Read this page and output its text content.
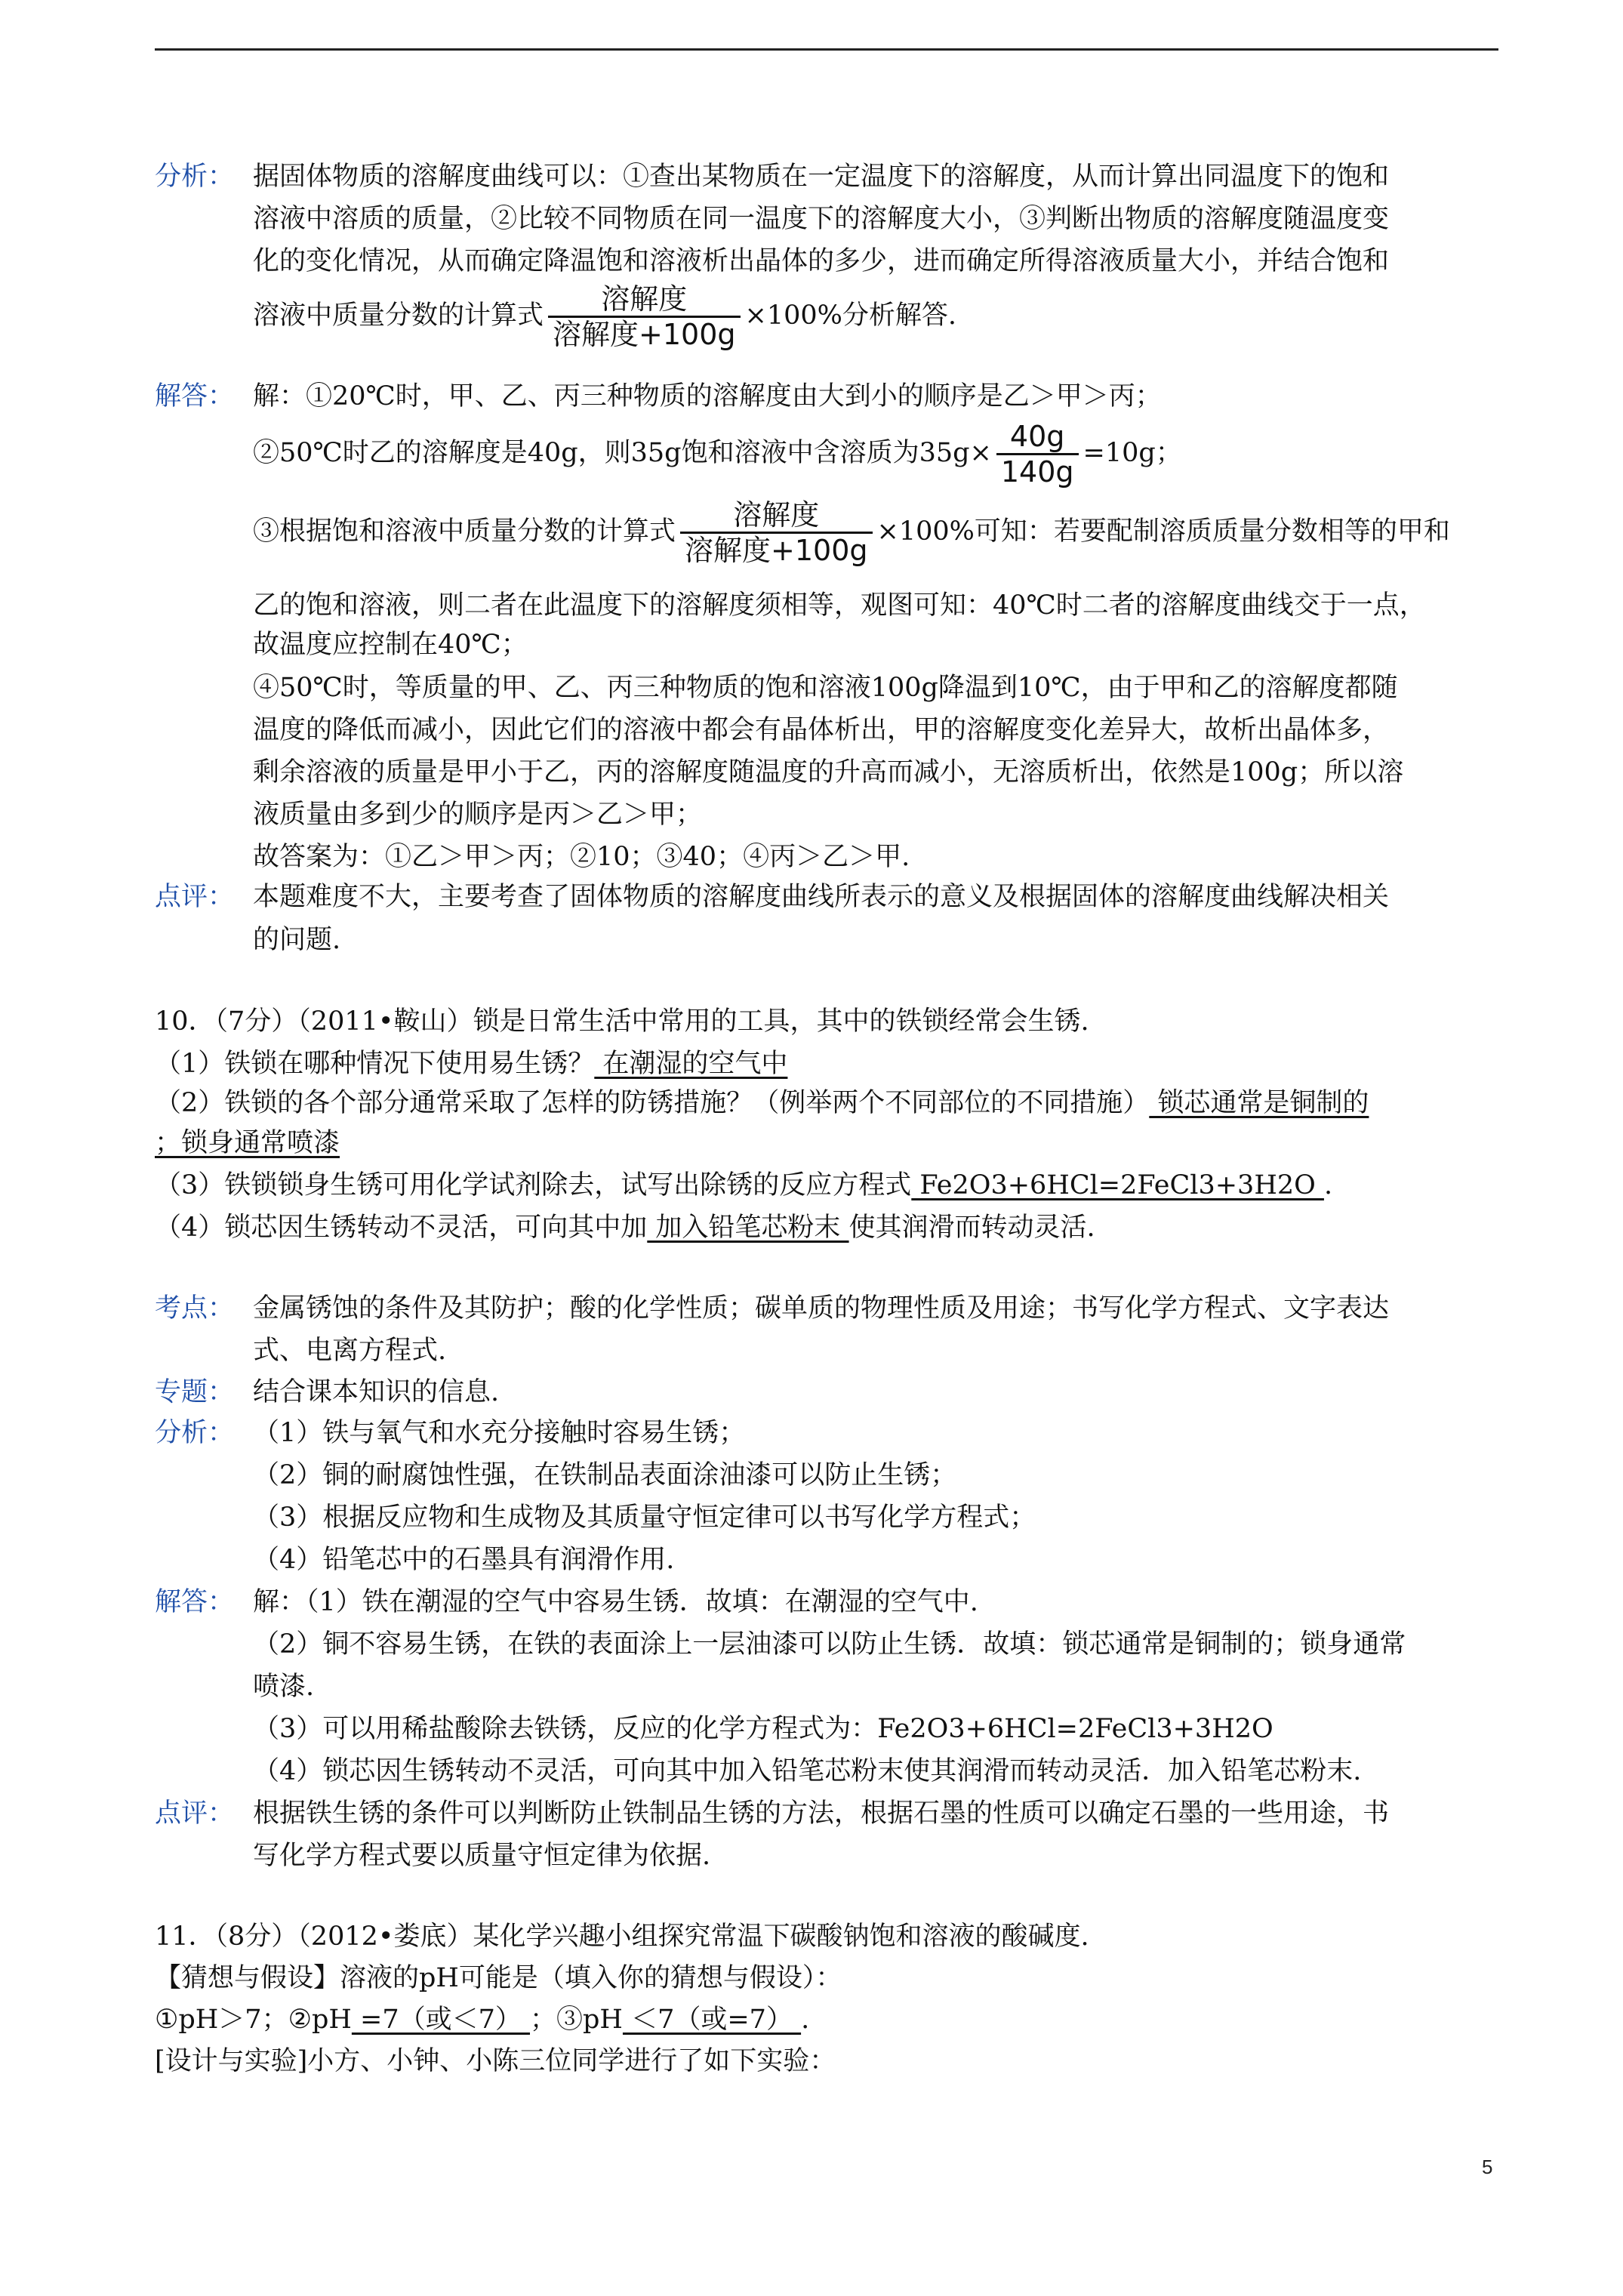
分析： 据固体物质的溶解度曲线可以：①查出某物质在一定温度下的溶解度，从而计算出同温度下的饱和
溶液中溶质的质量，②比较不同物质在同一温度下的溶解度大小，③判断出物质的溶解度随温度变
化的变化情况，从而确定降温饱和溶液析出晶体的多少，进而确定所得溶液质量大小，并结合饱和
溶液中质量分数的计算式 $\frac{\text{溶解度}}{\text{溶解度+100g}} \times 100\%$分析解答.
解答： 解：①20℃时，甲、乙、丙三种物质的溶解度由大到小的顺序是乙＞甲＞丙；
②50℃时乙的溶解度是40g，则35g饱和溶液中含溶质为$35g\times \frac{40g}{140g} =10g$；
③根据饱和溶液中质量分数的计算式 $\frac{\text{溶解度}}{\text{溶解度+100g}} \times 100\%$可知：若要配制溶质质量分数相等的甲和
乙的饱和溶液，则二者在此温度下的溶解度须相等，观图可知：40℃时二者的溶解度曲线交于一点，
故温度应控制在40℃；
④50℃时，等质量的甲、乙、丙三种物质的饱和溶液100g降温到10℃，由于甲和乙的溶解度都随
温度的降低而减小，因此它们的溶液中都会有晶体析出，甲的溶解度变化差异大，故析出晶体多，
剩余溶液的质量是甲小于乙，丙的溶解度随温度的升高而减小，无溶质析出，依然是100g；所以溶
液质量由多到少的顺序是丙＞乙＞甲；
故答案为：①乙＞甲＞丙；②10；③40；④丙＞乙＞甲.
点评： 本题难度不大，主要考查了固体物质的溶解度曲线所表示的意义及根据固体的溶解度曲线解决相关
的问题.
10．（7分）（2011•鞍山）锁是日常生活中常用的工具，其中的铁锁经常会生锈.
（1）铁锁在哪种情况下使用易生锈？ 在潮湿的空气中
（2）铁锁的各个部分通常采取了怎样的防锈措施？（例举两个不同部位的不同措施） 锁芯通常是铜制的
；锁身通常喷漆
（3）铁锁锁身生锈可用化学试剂除去，试写出除锈的反应方程式 Fe2O3+6HCl=2FeCl3+3H2O .
（4）锁芯因生锈转动不灵活，可向其中加 加入铅笔芯粉末 使其润滑而转动灵活.
考点： 金属锈蚀的条件及其防护；酸的化学性质；碳单质的物理性质及用途；书写化学方程式、文字表达
式、电离方程式.
专题： 结合课本知识的信息.
分析： （1）铁与氧气和水充分接触时容易生锈；
（2）铜的耐腐蚀性强，在铁制品表面涂油漆可以防止生锈；
（3）根据反应物和生成物及其质量守恒定律可以书写化学方程式；
（4）铅笔芯中的石墨具有润滑作用.
解答： 解：（1）铁在潮湿的空气中容易生锈．故填：在潮湿的空气中.
（2）铜不容易生锈，在铁的表面涂上一层油漆可以防止生锈．故填：锁芯通常是铜制的；锁身通常
喷漆.
（3）可以用稀盐酸除去铁锈，反应的化学方程式为：Fe2O3+6HCl=2FeCl3+3H2O
（4）锁芯因生锈转动不灵活，可向其中加入铅笔芯粉末使其润滑而转动灵活．加入铅笔芯粉末.
点评： 根据铁生锈的条件可以判断防止铁制品生锈的方法，根据石墨的性质可以确定石墨的一些用途，书
写化学方程式要以质量守恒定律为依据.
11．（8分）（2012•娄底）某化学兴趣小组探究常温下碳酸钠饱和溶液的酸碱度.
【猜想与假设】溶液的pH可能是（填入你的猜想与假设）：
①pH＞7；②pH =7（或＜7） ；③pH ＜7（或=7） .
[设计与实验]小方、小钟、小陈三位同学进行了如下实验：
5
